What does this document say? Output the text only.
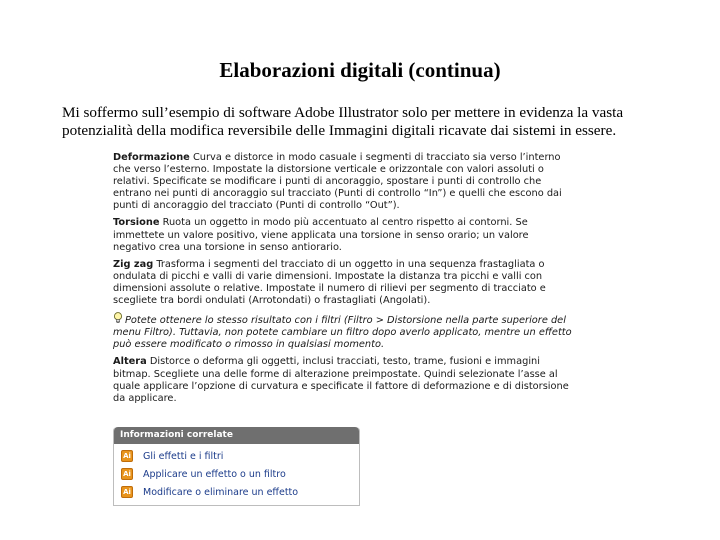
Elaborazioni digitali (continua)
Mi soffermo sull’esempio di software Adobe Illustrator solo per mettere in evidenza la vasta potenzialità della modifica reversibile delle Immagini digitali ricavate dai sistemi in essere.

Deformazione Curva e distorce in modo casuale i segmenti di tracciato sia verso l’interno che verso l’esterno. Impostate la distorsione verticale e orizzontale con valori assoluti o relativi. Specificate se modificare i punti di ancoraggio, spostare i punti di controllo che entrano nei punti di ancoraggio sul tracciato (Punti di controllo “In”) e quelli che escono dai punti di ancoraggio del tracciato (Punti di controllo “Out”).

Torsione Ruota un oggetto in modo più accentuato al centro rispetto ai contorni. Se immettete un valore positivo, viene applicata una torsione in senso orario; un valore negativo crea una torsione in senso antiorario.

Zig zag Trasforma i segmenti del tracciato di un oggetto in una sequenza frastagliata o ondulata di picchi e valli di varie dimensioni. Impostate la distanza tra picchi e valli con dimensioni assolute o relative. Impostate il numero di rilievi per segmento di tracciato e scegliete tra bordi ondulati (Arrotondati) o frastagliati (Angolati).

Potete ottenere lo stesso risultato con i filtri (Filtro > Distorsione nella parte superiore del menu Filtro). Tuttavia, non potete cambiare un filtro dopo averlo applicato, mentre un effetto può essere modificato o rimosso in qualsiasi momento.

Altera Distorce o deforma gli oggetti, inclusi tracciati, testo, trame, fusioni e immagini bitmap. Scegliete una delle forme di alterazione preimpostate. Quindi selezionate l’asse al quale applicare l’opzione di curvatura e specificate il fattore di deformazione e di distorsione da applicare.

Informazioni correlate
Ai Gli effetti e i filtri
Ai Applicare un effetto o un filtro
Ai Modificare o eliminare un effetto
